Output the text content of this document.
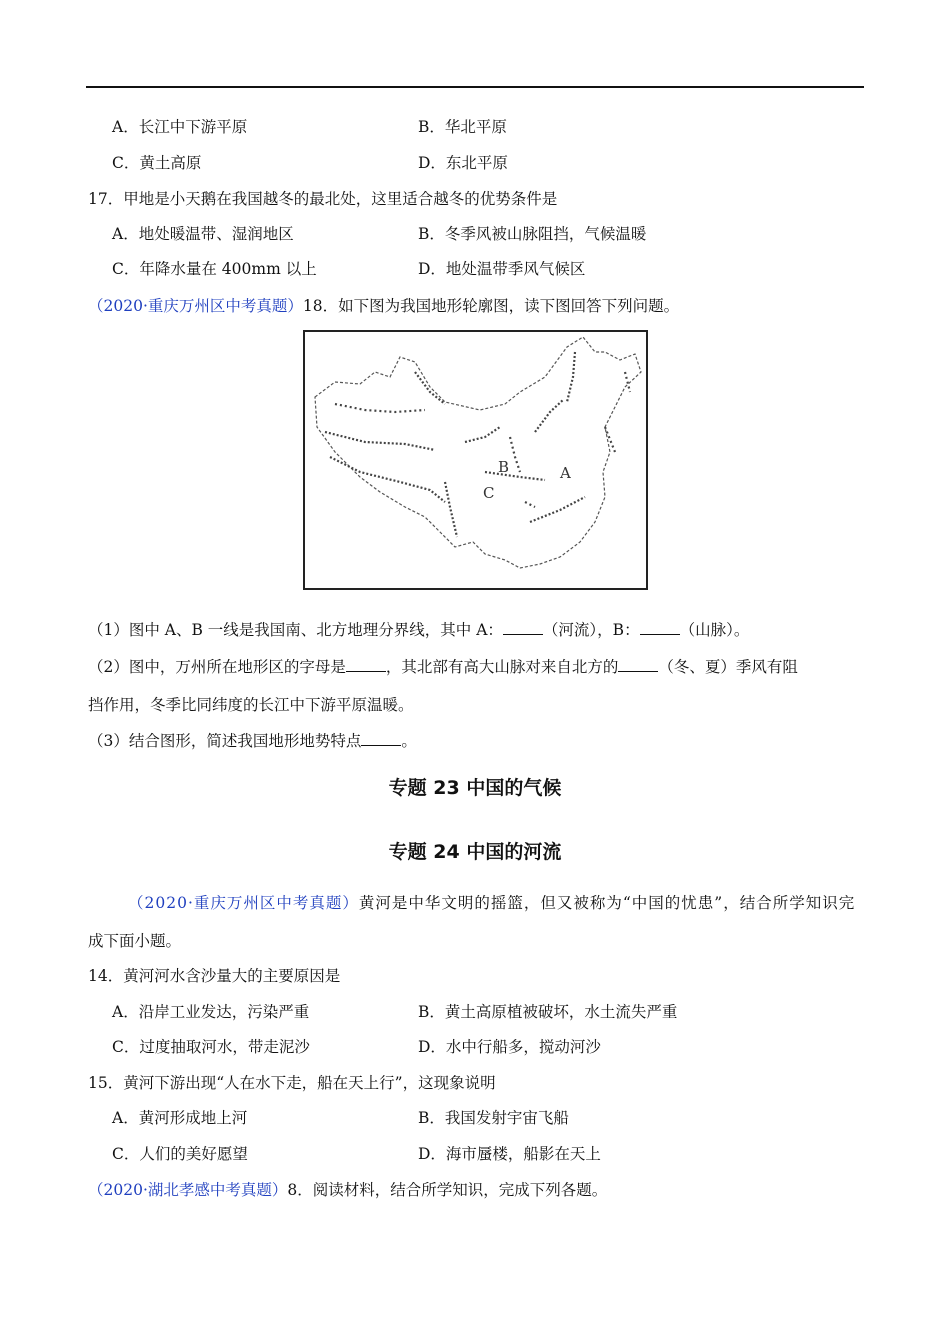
A．长江中下游平原	B．华北平原
C．黄土高原	D．东北平原
17．甲地是小天鹅在我国越冬的最北处，这里适合越冬的优势条件是
A．地处暖温带、湿润地区	B．冬季风被山脉阻挡，气候温暖
C．年降水量在 400mm 以上	D．地处温带季风气候区
（2020·重庆万州区中考真题）18．如下图为我国地形轮廓图，读下图回答下列问题。
B	A
C
（1）图中 A、B 一线是我国南、北方地理分界线，其中 A：	（河流），B：	（山脉）。
（2）图中，万州所在地形区的字母是	，其北部有高大山脉对来自北方的	（冬、夏）季风有阻
挡作用，冬季比同纬度的长江中下游平原温暖。
（3）结合图形，简述我国地形地势特点	。
专题 23 中国的气候
专题 24 中国的河流
（2020·重庆万州区中考真题）黄河是中华文明的摇篮，但又被称为“中国的忧患”，结合所学知识完
成下面小题。
14．黄河河水含沙量大的主要原因是
A．沿岸工业发达，污染严重	B．黄土高原植被破坏，水土流失严重
C．过度抽取河水，带走泥沙	D．水中行船多，搅动河沙
15．黄河下游出现“人在水下走，船在天上行”，这现象说明
A．黄河形成地上河	B．我国发射宇宙飞船
C．人们的美好愿望	D．海市蜃楼，船影在天上
（2020·湖北孝感中考真题）8．阅读材料，结合所学知识，完成下列各题。
